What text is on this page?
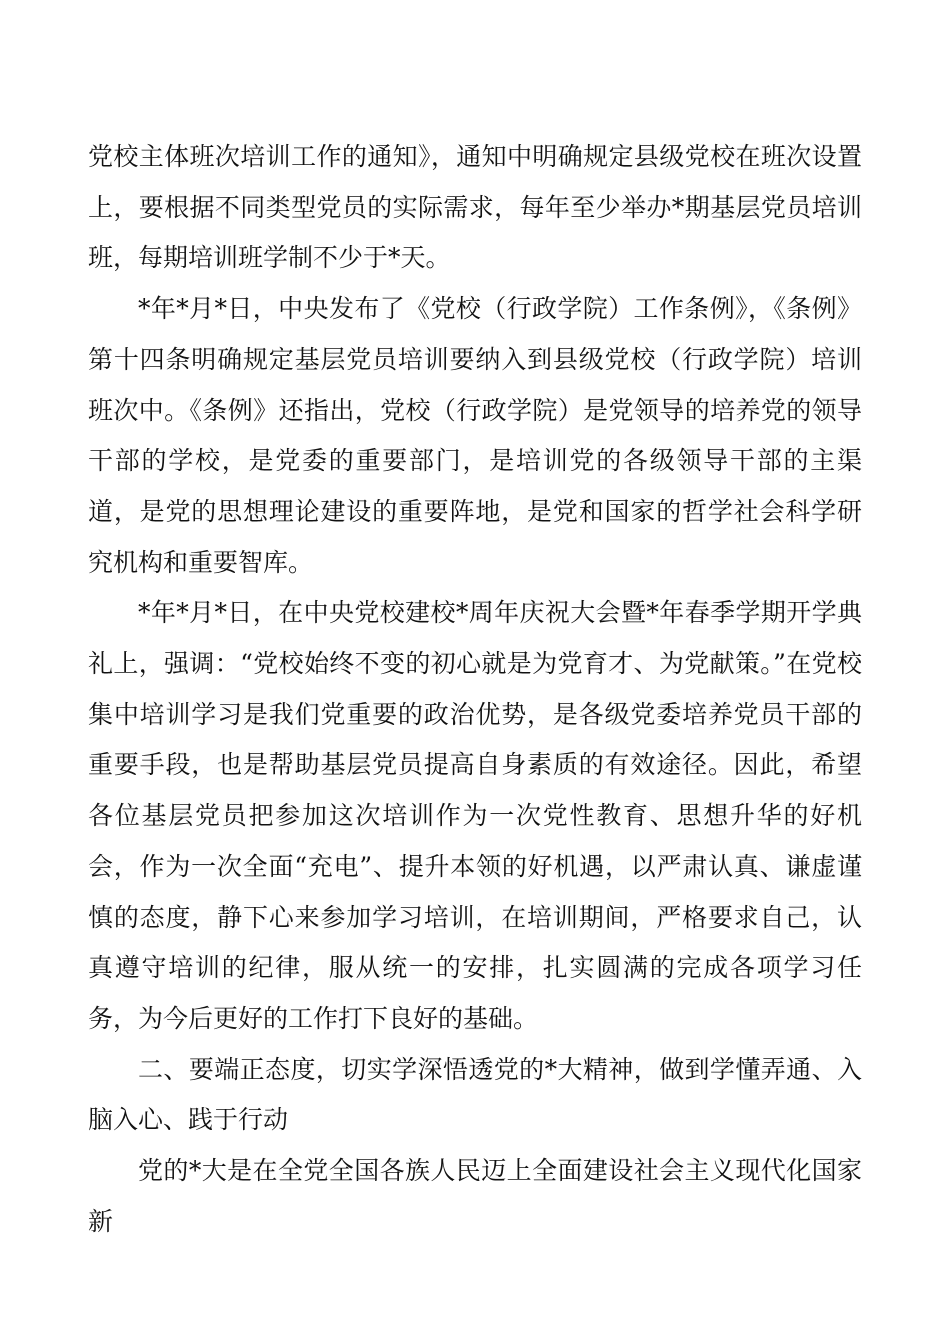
党校主体班次培训工作的通知》，通知中明确规定县级党校在班次设置上，要根据不同类型党员的实际需求，每年至少举办*期基层党员培训班，每期培训班学制不少于*天。

*年*月*日，中央发布了《党校（行政学院）工作条例》，《条例》第十四条明确规定基层党员培训要纳入到县级党校（行政学院）培训班次中。《条例》还指出，党校（行政学院）是党领导的培养党的领导干部的学校，是党委的重要部门，是培训党的各级领导干部的主渠道，是党的思想理论建设的重要阵地，是党和国家的哲学社会科学研究机构和重要智库。

*年*月*日，在中央党校建校*周年庆祝大会暨*年春季学期开学典礼上，强调：“党校始终不变的初心就是为党育才、为党献策。”在党校集中培训学习是我们党重要的政治优势，是各级党委培养党员干部的重要手段，也是帮助基层党员提高自身素质的有效途径。因此，希望各位基层党员把参加这次培训作为一次党性教育、思想升华的好机会，作为一次全面“充电”、提升本领的好机遇，以严肃认真、谦虚谨慎的态度，静下心来参加学习培训，在培训期间，严格要求自己，认真遵守培训的纪律，服从统一的安排，扎实圆满的完成各项学习任务，为今后更好的工作打下良好的基础。

二、要端正态度，切实学深悟透党的*大精神，做到学懂弄通、入脑入心、践于行动

党的*大是在全党全国各族人民迈上全面建设社会主义现代化国家新
